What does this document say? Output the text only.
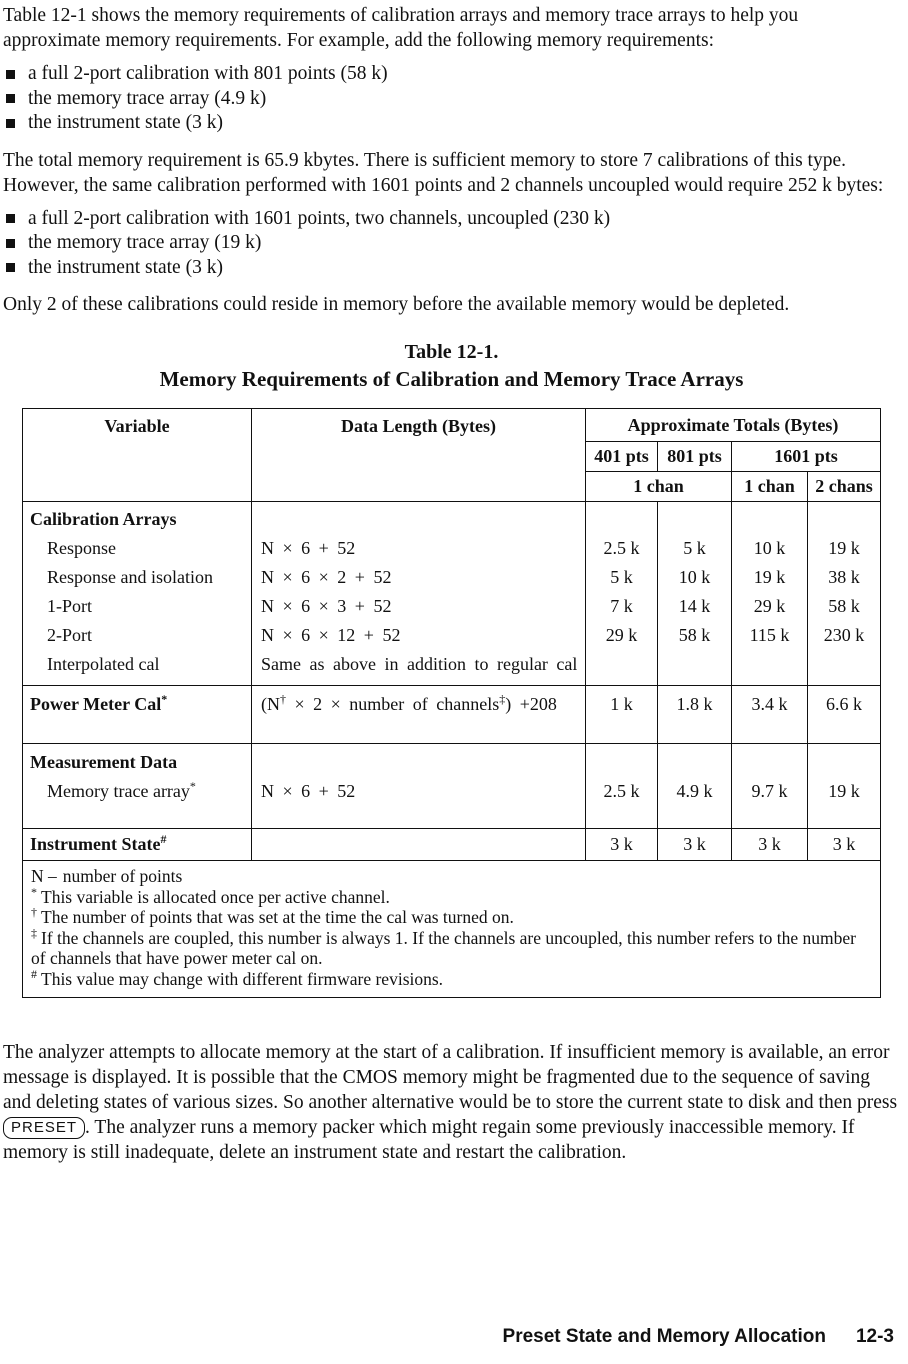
Table 12-1 shows the memory requirements of calibration arrays and memory trace arrays to help you approximate memory requirements. For example, add the following memory requirements:

a full 2-port calibration with 801 points (58 k)
the memory trace array (4.9 k)
the instrument state (3 k)

The total memory requirement is 65.9 kbytes. There is sufficient memory to store 7 calibrations of this type. However, the same calibration performed with 1601 points and 2 channels uncoupled would require 252 k bytes:

a full 2-port calibration with 1601 points, two channels, uncoupled (230 k)
the memory trace array (19 k)
the instrument state (3 k)

Only 2 of these calibrations could reside in memory before the available memory would be depleted.

Table 12-1.
Memory Requirements of Calibration and Memory Trace Arrays
Variable	Data Length (Bytes)	Approximate Totals (Bytes)			
		401 pts	801 pts	1601 pts	
		1 chan		1 chan	2 chans
Calibration Arrays					
Response	N × 6 + 52	2.5 k	5 k	10 k	19 k
Response and isolation	N × 6 × 2 + 52	5 k	10 k	19 k	38 k
1-Port	N × 6 × 3 + 52	7 k	14 k	29 k	58 k
2-Port	N × 6 × 12 + 52	29 k	58 k	115 k	230 k
Interpolated cal	Same as above in addition to regular cal				
Power Meter Cal*	(N† × 2 × number of channels‡) +208	1 k	1.8 k	3.4 k	6.6 k
Measurement Data					
Memory trace array*	N × 6 + 52	2.5 k	4.9 k	9.7 k	19 k
Instrument State#		3 k	3 k	3 k	3 k

N – number of points
* This variable is allocated once per active channel.
† The number of points that was set at the time the cal was turned on.
‡ If the channels are coupled, this number is always 1. If the channels are uncoupled, this number refers to the number of channels that have power meter cal on.
# This value may change with different firmware revisions.					

The analyzer attempts to allocate memory at the start of a calibration. If insufficient memory is available, an error message is displayed. It is possible that the CMOS memory might be fragmented due to the sequence of saving and deleting states of various sizes. So another alternative would be to store the current state to disk and then press PRESET . The analyzer runs a memory packer which might regain some previously inaccessible memory. If memory is still inadequate, delete an instrument state and restart the calibration.

Preset State and Memory Allocation 12-3
